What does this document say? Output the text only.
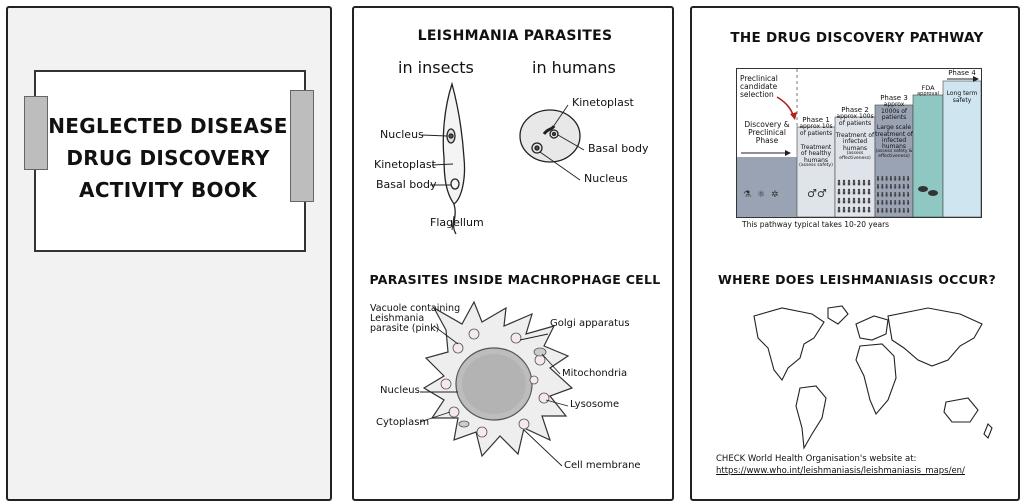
NEGLECTED DISEASE
DRUG DISCOVERY
ACTIVITY BOOK
LEISHMANIA PARASITES
in insects	in humans
Nucleus
Kinetoplast
Basal body
Flagellum
Kinetoplast
Basal body
Nucleus
PARASITES INSIDE MACHROPHAGE CELL
Vacuole containing
Leishmania
parasite (pink)	Golgi apparatus
Mitochondria
Nucleus
Lysosome
Cytoplasm
Cell membrane
THE DRUG DISCOVERY PATHWAY
⚗ ⚛ ✲	♂♂
Preclinical
candidate
selection
Discovery &
Preclinical
Phase
Phase 1
approx 10s of patients
Treatment of healthy humans
(assess safety)
Phase 2
approx 100s of patients
Treatment of infected humans
(assess effectiveness)
Phase 3
approx 1000s of patients
Large scale treatment of infected humans
(assess safety & effectiveness)
FDA
approval
Phase 4
Long term safety
This pathway typical takes 10-20 years
WHERE DOES LEISHMANIASIS OCCUR?
CHECK World Health Organisation's website at:
https://www.who.int/leishmaniasis/leishmaniasis_maps/en/
